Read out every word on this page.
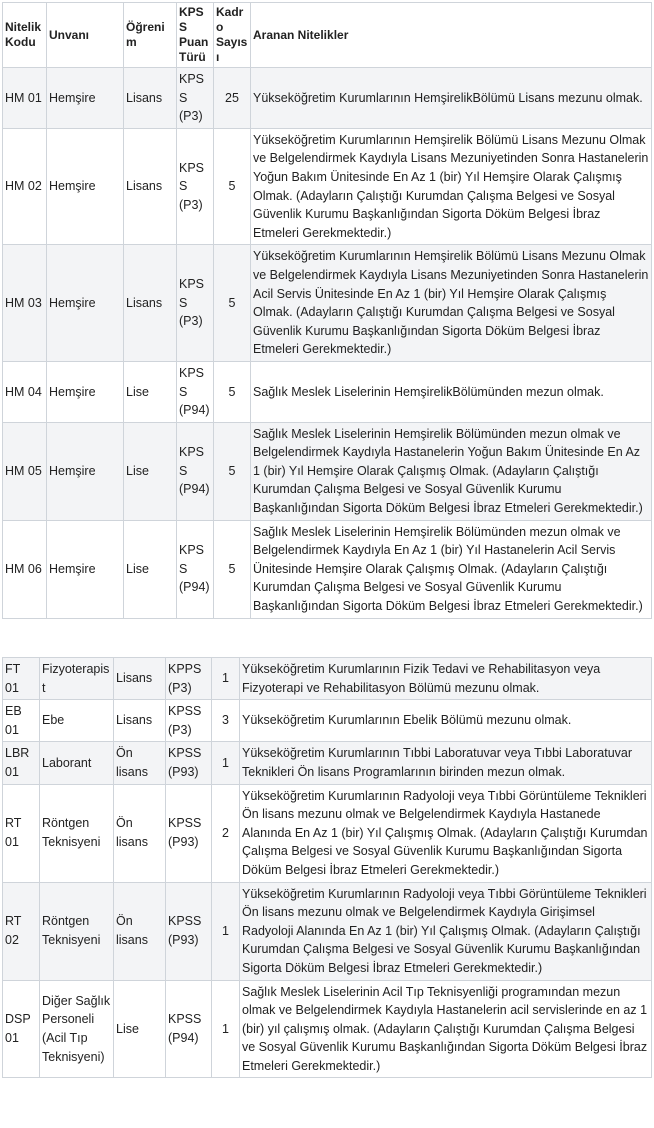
Nitelik Kodu	Unvanı	Öğrenim	KPSS Puan Türü	Kadro Sayısı	Aranan Nitelikler
HM 01	Hemşire	Lisans	KPSS (P3)	25	Yükseköğretim Kurumlarının HemşirelikBölümü Lisans mezunu olmak.
HM 02	Hemşire	Lisans	KPSS (P3)	5	Yükseköğretim Kurumlarının Hemşirelik Bölümü Lisans Mezunu Olmak ve Belgelendirmek Kaydıyla Lisans Mezuniyetinden Sonra Hastanelerin Yoğun Bakım Ünitesinde En Az 1 (bir) Yıl Hemşire Olarak Çalışmış Olmak. (Adayların Çalıştığı Kurumdan Çalışma Belgesi ve Sosyal Güvenlik Kurumu Başkanlığından Sigorta Döküm Belgesi İbraz Etmeleri Gerekmektedir.)
HM 03	Hemşire	Lisans	KPSS (P3)	5	Yükseköğretim Kurumlarının Hemşirelik Bölümü Lisans Mezunu Olmak ve Belgelendirmek Kaydıyla Lisans Mezuniyetinden Sonra Hastanelerin Acil Servis Ünitesinde En Az 1 (bir) Yıl Hemşire Olarak Çalışmış Olmak. (Adayların Çalıştığı Kurumdan Çalışma Belgesi ve Sosyal Güvenlik Kurumu Başkanlığından Sigorta Döküm Belgesi İbraz Etmeleri Gerekmektedir.)
HM 04	Hemşire	Lise	KPSS (P94)	5	Sağlık Meslek Liselerinin HemşirelikBölümünden mezun olmak.
HM 05	Hemşire	Lise	KPSS (P94)	5	Sağlık Meslek Liselerinin Hemşirelik Bölümünden mezun olmak ve Belgelendirmek Kaydıyla Hastanelerin Yoğun Bakım Ünitesinde En Az 1 (bir) Yıl Hemşire Olarak Çalışmış Olmak. (Adayların Çalıştığı Kurumdan Çalışma Belgesi ve Sosyal Güvenlik Kurumu Başkanlığından Sigorta Döküm Belgesi İbraz Etmeleri Gerekmektedir.)
HM 06	Hemşire	Lise	KPSS (P94)	5	Sağlık Meslek Liselerinin Hemşirelik Bölümünden mezun olmak ve Belgelendirmek Kaydıyla En Az 1 (bir) Yıl Hastanelerin Acil Servis Ünitesinde Hemşire Olarak Çalışmış Olmak. (Adayların Çalıştığı Kurumdan Çalışma Belgesi ve Sosyal Güvenlik Kurumu Başkanlığından Sigorta Döküm Belgesi İbraz Etmeleri Gerekmektedir.)
FT 01	Fizyoterapist	Lisans	KPPS (P3)	1	Yükseköğretim Kurumlarının Fizik Tedavi ve Rehabilitasyon veya Fizyoterapi ve Rehabilitasyon Bölümü mezunu olmak.
EB 01	Ebe	Lisans	KPSS (P3)	3	Yükseköğretim Kurumlarının Ebelik Bölümü mezunu olmak.
LBR 01	Laborant	Ön lisans	KPSS (P93)	1	Yükseköğretim Kurumlarının Tıbbi Laboratuvar veya Tıbbi Laboratuvar Teknikleri Ön lisans Programlarının birinden mezun olmak.
RT 01	Röntgen Teknisyeni	Ön lisans	KPSS (P93)	2	Yükseköğretim Kurumlarının Radyoloji veya Tıbbi Görüntüleme Teknikleri Ön lisans mezunu olmak ve Belgelendirmek Kaydıyla Hastanede Alanında En Az 1 (bir) Yıl Çalışmış Olmak. (Adayların Çalıştığı Kurumdan Çalışma Belgesi ve Sosyal Güvenlik Kurumu Başkanlığından Sigorta Döküm Belgesi İbraz Etmeleri Gerekmektedir.)
RT 02	Röntgen Teknisyeni	Ön lisans	KPSS (P93)	1	Yükseköğretim Kurumlarının Radyoloji veya Tıbbi Görüntüleme Teknikleri Ön lisans mezunu olmak ve Belgelendirmek Kaydıyla Girişimsel Radyoloji Alanında En Az 1 (bir) Yıl Çalışmış Olmak. (Adayların Çalıştığı Kurumdan Çalışma Belgesi ve Sosyal Güvenlik Kurumu Başkanlığından Sigorta Döküm Belgesi İbraz Etmeleri Gerekmektedir.)
DSP 01	Diğer Sağlık Personeli (Acil Tıp Teknisyeni)	Lise	KPSS (P94)	1	Sağlık Meslek Liselerinin Acil Tıp Teknisyenliği programından mezun olmak ve Belgelendirmek Kaydıyla Hastanelerin acil servislerinde en az 1 (bir) yıl çalışmış olmak. (Adayların Çalıştığı Kurumdan Çalışma Belgesi ve Sosyal Güvenlik Kurumu Başkanlığından Sigorta Döküm Belgesi İbraz Etmeleri Gerekmektedir.)
